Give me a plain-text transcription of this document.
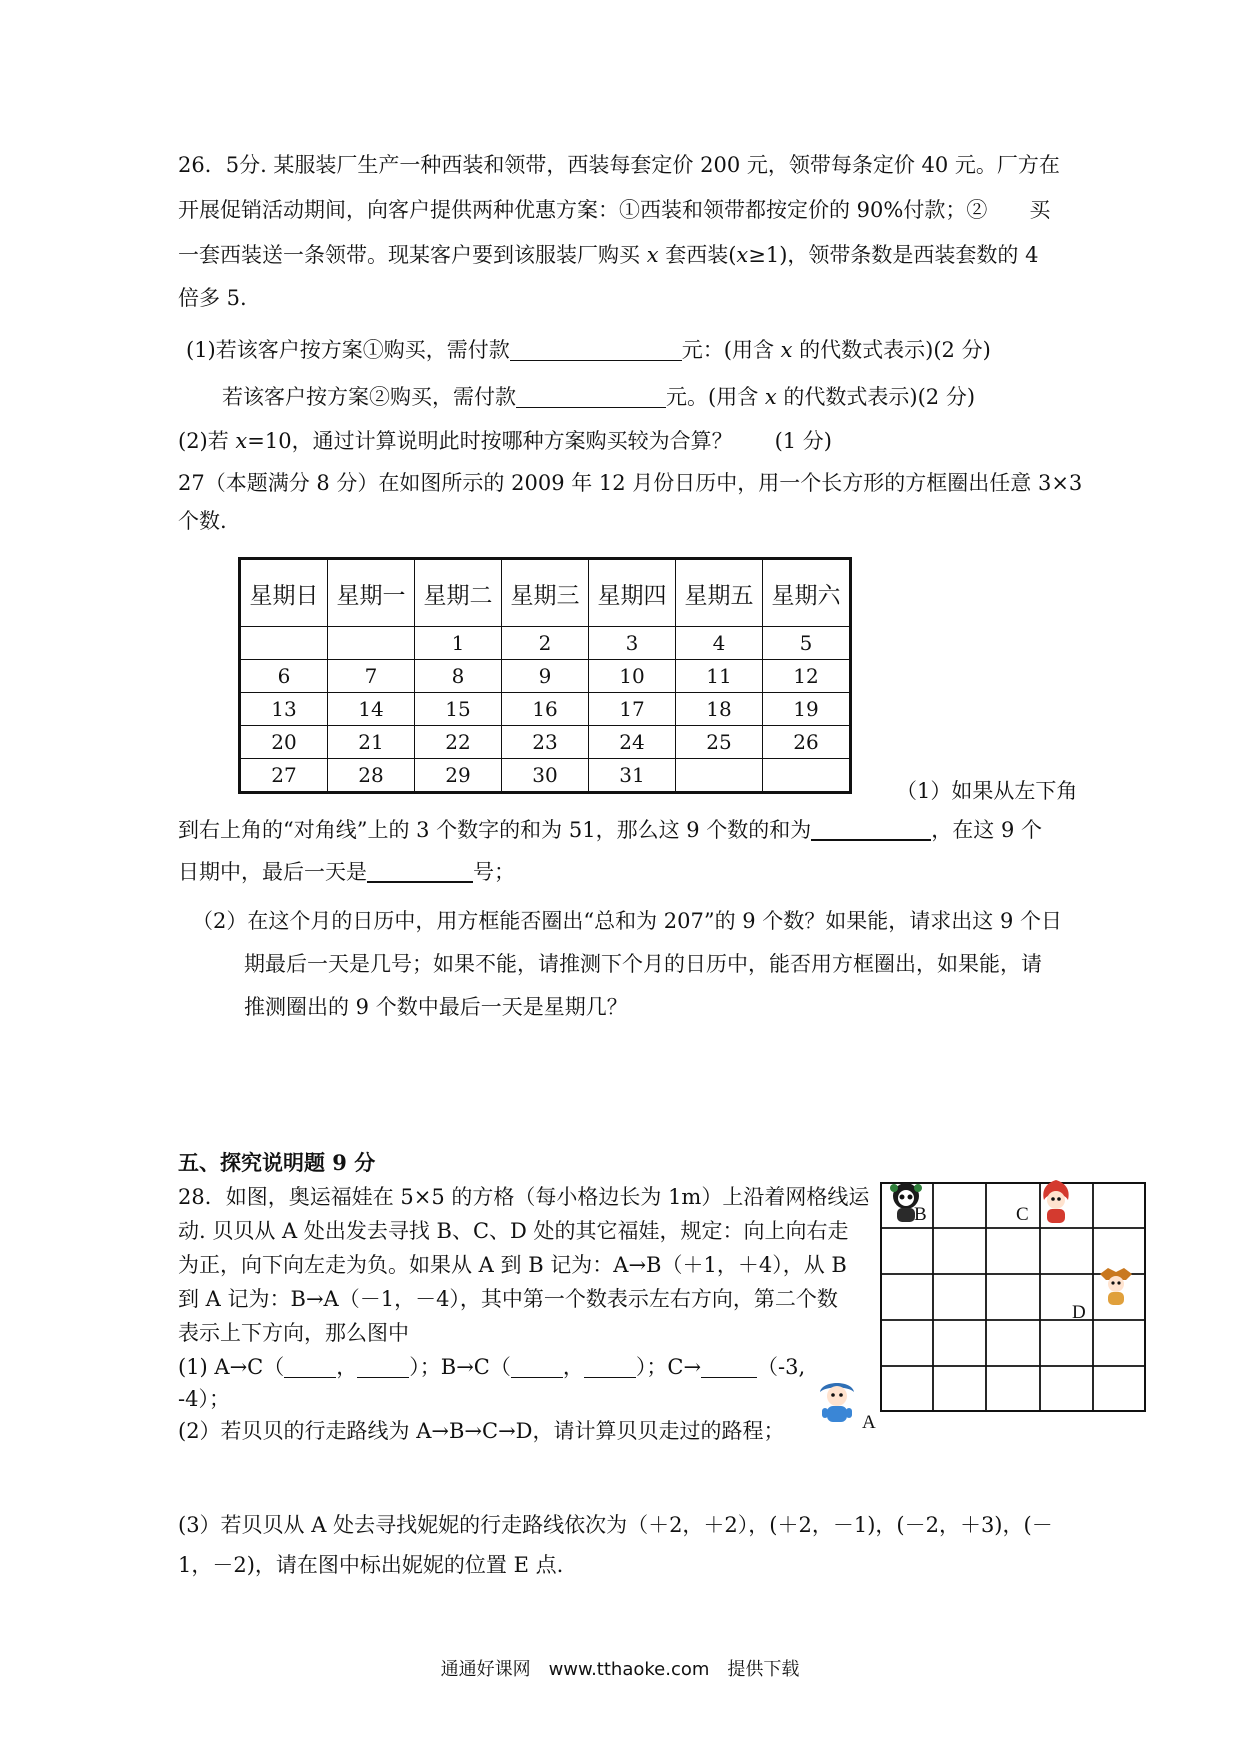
26．5分. 某服装厂生产一种西装和领带，西装每套定价 200 元，领带每条定价 40 元。厂方在
开展促销活动期间，向客户提供两种优惠方案：①西装和领带都按定价的 90%付款；②　　买
一套西装送一条领带。现某客户要到该服装厂购买 x 套西装(x≥1)，领带条数是西装套数的 4
倍多 5.
(1)若该客户按方案①购买，需付款	元：(用含 x 的代数式表示)(2 分)
若该客户按方案②购买，需付款	元。(用含 x 的代数式表示)(2 分)
(2)若 x=10，通过计算说明此时按哪种方案购买较为合算？　　(1 分)
27（本题满分 8 分）在如图所示的 2009 年 12 月份日历中，用一个长方形的方框圈出任意 3×3
个数.
星期日	星期一	星期二	星期三	星期四	星期五	星期六
		1	2	3	4	5
6	7	8	9	10	11	12
13	14	15	16	17	18	19
20	21	22	23	24	25	26
27	28	29	30	31		
（1）如果从左下角
到右上角的“对角线”上的 3 个数字的和为 51，那么这 9 个数的和为	，在这 9 个
日期中，最后一天是	号；
（2）在这个月的日历中，用方框能否圈出“总和为 207”的 9 个数？如果能，请求出这 9 个日
期最后一天是几号；如果不能，请推测下个月的日历中，能否用方框圈出，如果能，请
推测圈出的 9 个数中最后一天是星期几？
五、探究说明题 9 分
28．如图，奥运福娃在 5×5 的方格（每小格边长为 1m）上沿着网格线运
动. 贝贝从 A 处出发去寻找 B、C、D 处的其它福娃，规定：向上向右走
为正，向下向左走为负。如果从 A 到 B 记为：A→B（＋1，＋4），从 B
到 A 记为：B→A（－1，－4），其中第一个数表示左右方向，第二个数
表示上下方向，那么图中
(1) A→C（ ， ）；B→C（ ， ）；C→	（-3,
-4）；
(2）若贝贝的行走路线为 A→B→C→D，请计算贝贝走过的路程；
(3）若贝贝从 A 处去寻找妮妮的行走路线依次为（＋2，＋2），(＋2，－1)，(－2，＋3)，(－
1，－2)，请在图中标出妮妮的位置 E 点.
B	C
D
A
通通好课网　www.tthaoke.com　提供下载
